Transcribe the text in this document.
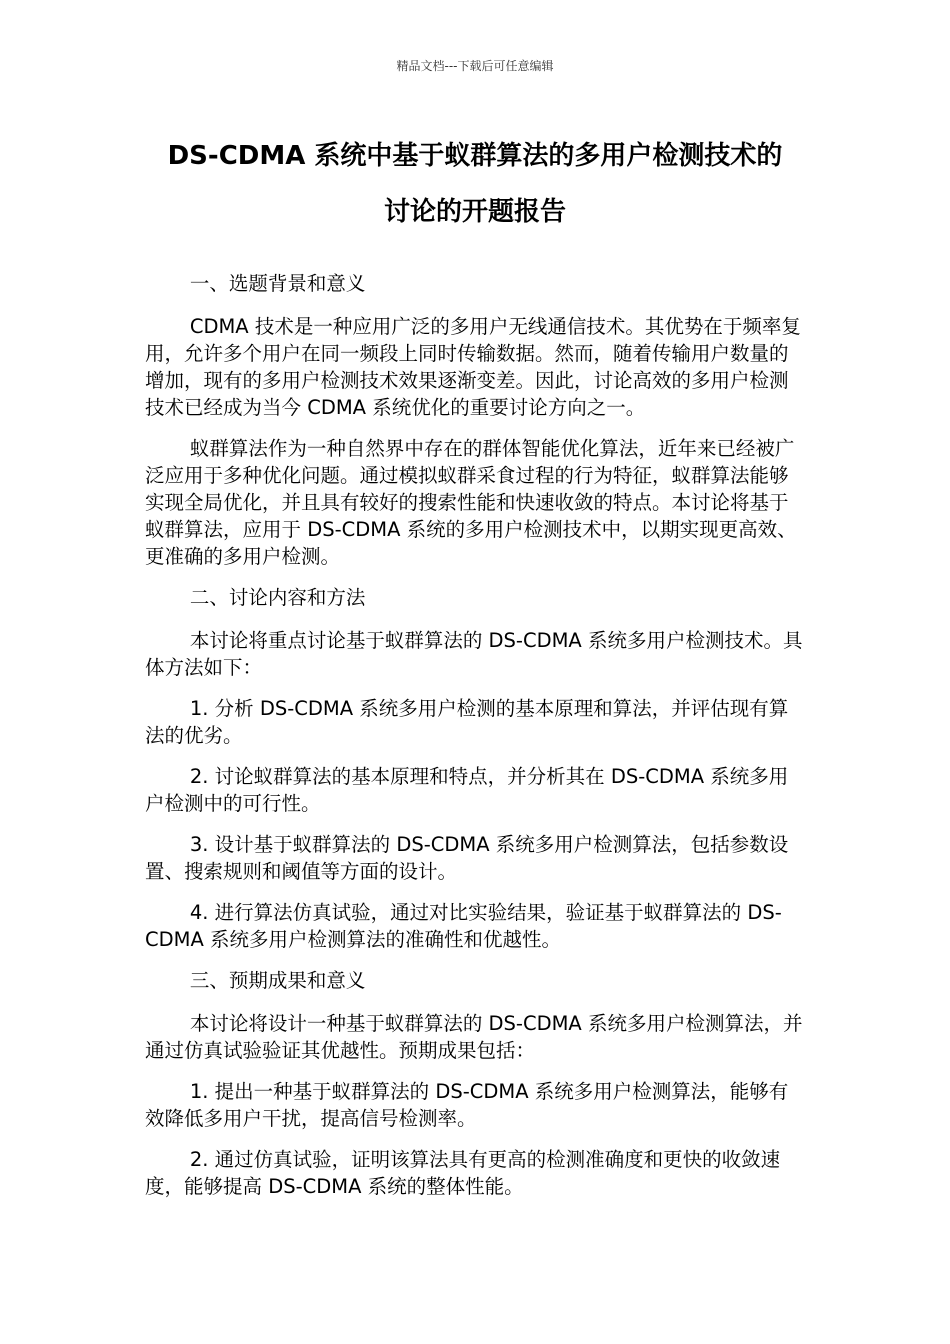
精品文档---下载后可任意编辑
DS-CDMA 系统中基于蚁群算法的多用户检测技术的
讨论的开题报告

一、选题背景和意义

CDMA 技术是一种应用广泛的多用户无线通信技术。其优势在于频率复用，允许多个用户在同一频段上同时传输数据。然而，随着传输用户数量的增加，现有的多用户检测技术效果逐渐变差。因此，讨论高效的多用户检测技术已经成为当今 CDMA 系统优化的重要讨论方向之一。

蚁群算法作为一种自然界中存在的群体智能优化算法，近年来已经被广泛应用于多种优化问题。通过模拟蚁群采食过程的行为特征，蚁群算法能够实现全局优化，并且具有较好的搜索性能和快速收敛的特点。本讨论将基于蚁群算法，应用于 DS-CDMA 系统的多用户检测技术中，以期实现更高效、更准确的多用户检测。

二、讨论内容和方法

本讨论将重点讨论基于蚁群算法的 DS-CDMA 系统多用户检测技术。具体方法如下：

1. 分析 DS-CDMA 系统多用户检测的基本原理和算法，并评估现有算法的优劣。

2. 讨论蚁群算法的基本原理和特点，并分析其在 DS-CDMA 系统多用户检测中的可行性。

3. 设计基于蚁群算法的 DS-CDMA 系统多用户检测算法，包括参数设置、搜索规则和阈值等方面的设计。

4. 进行算法仿真试验，通过对比实验结果，验证基于蚁群算法的 DS-CDMA 系统多用户检测算法的准确性和优越性。

三、预期成果和意义

本讨论将设计一种基于蚁群算法的 DS-CDMA 系统多用户检测算法，并通过仿真试验验证其优越性。预期成果包括：

1. 提出一种基于蚁群算法的 DS-CDMA 系统多用户检测算法，能够有效降低多用户干扰，提高信号检测率。

2. 通过仿真试验，证明该算法具有更高的检测准确度和更快的收敛速度，能够提高 DS-CDMA 系统的整体性能。
